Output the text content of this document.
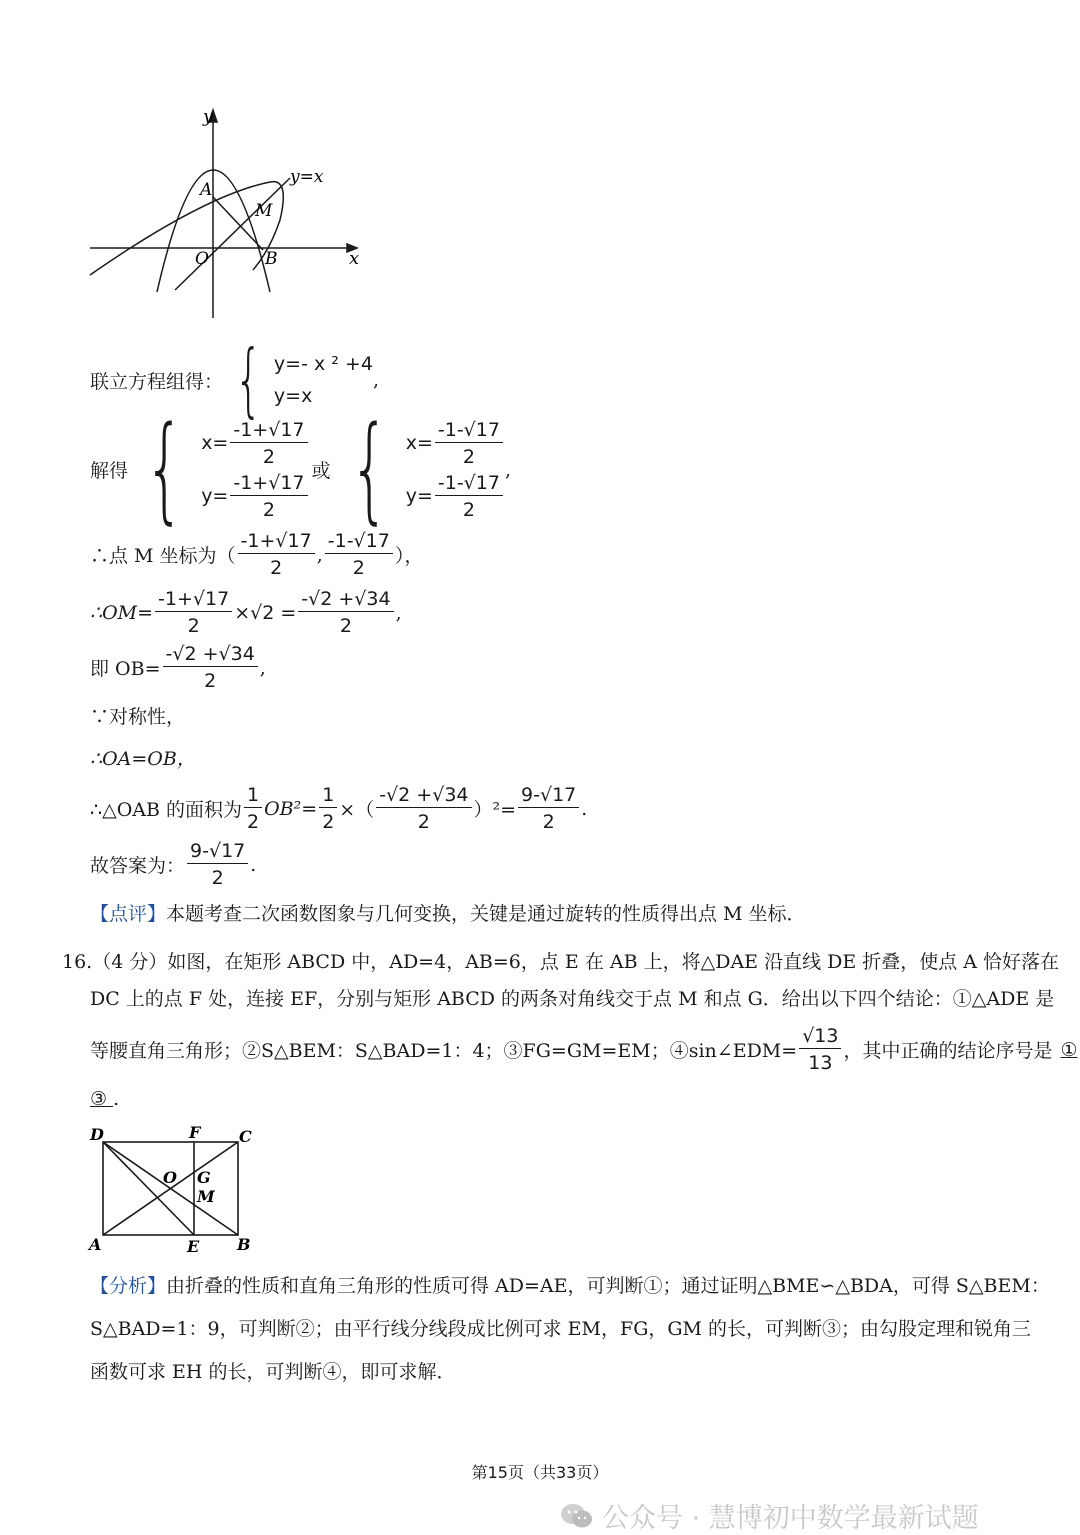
y
x
y=x
A
M
O	B
联立方程组得： { y=- x ² +4
y=x
,
解得 { $x= \frac{-1+√17}{2}$
$y= \frac{-1+√17}{2}$
或 { $x= \frac{-1-√17}{2}$
$y= \frac{-1-√17}{2}$
,
∴点 M 坐标为（ $\frac{-1+√17}{2}$ , $\frac{-1-√17}{2}$ ），
∴OM= $\frac{-1+√17}{2} \times√2 = \frac{-√2 +√34}{2}$ ,
即 $OB= \frac{-√2 +√34}{2}$ ,
∵对称性，
∴OA=OB，
∴△OAB 的面积为 $\frac{1}{2} OB^2= \frac{1}{2}$ ×（ $\frac{-√2 +√34}{2} )^2= \frac{9-√17}{2}$ .
故答案为： $\frac{9-√17}{2}$ .
【点评】本题考查二次函数图象与几何变换，关键是通过旋转的性质得出点 M 坐标．
16.（4 分）如图，在矩形 ABCD 中，AD=4，AB=6，点 E 在 AB 上，将△DAE 沿直线 DE 折叠，使点 A 恰好落在
DC 上的点 F 处，连接 EF，分别与矩形 ABCD 的两条对角线交于点 M 和点 G．给出以下四个结论：①△ADE 是
等腰直角三角形；②S△BEM：S△BAD=1：4；③FG=GM=EM；④sin∠EDM= $\frac{√13}{13}$ ，其中正确的结论序号是 ①
③ .
D	F C
O G
M
A	E B
【分析】由折叠的性质和直角三角形的性质可得 AD=AE，可判断①；通过证明△BME∽△BDA，可得 S△BEM：
S△BAD=1：9，可判断②；由平行线分线段成比例可求 EM，FG，GM 的长，可判断③；由勾股定理和锐角三
函数可求 EH 的长，可判断④，即可求解．
第15页（共33页）
公众号 · 慧博初中数学最新试题
